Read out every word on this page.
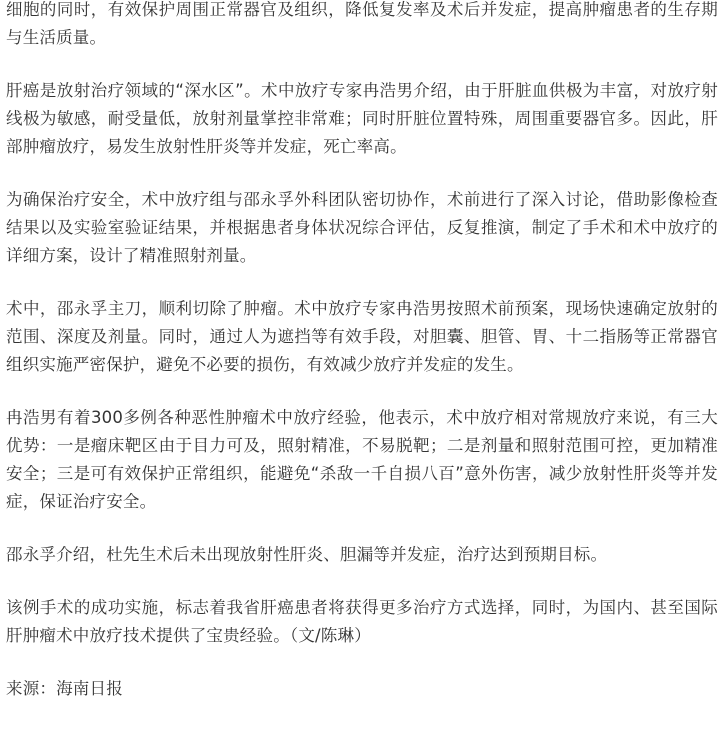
细胞的同时，有效保护周围正常器官及组织，降低复发率及术后并发症，提高肿瘤患者的生存期与生活质量。

肝癌是放射治疗领域的“深水区”。术中放疗专家冉浩男介绍，由于肝脏血供极为丰富，对放疗射线极为敏感，耐受量低，放射剂量掌控非常难；同时肝脏位置特殊，周围重要器官多。因此，肝部肿瘤放疗，易发生放射性肝炎等并发症，死亡率高。

为确保治疗安全，术中放疗组与邵永孚外科团队密切协作，术前进行了深入讨论，借助影像检查结果以及实验室验证结果，并根据患者身体状况综合评估，反复推演，制定了手术和术中放疗的详细方案，设计了精准照射剂量。

术中，邵永孚主刀，顺利切除了肿瘤。术中放疗专家冉浩男按照术前预案，现场快速确定放射的范围、深度及剂量。同时，通过人为遮挡等有效手段，对胆囊、胆管、胃、十二指肠等正常器官组织实施严密保护，避免不必要的损伤，有效减少放疗并发症的发生。

冉浩男有着300多例各种恶性肿瘤术中放疗经验，他表示，术中放疗相对常规放疗来说，有三大优势：一是瘤床靶区由于目力可及，照射精准，不易脱靶；二是剂量和照射范围可控，更加精准安全；三是可有效保护正常组织，能避免“杀敌一千自损八百”意外伤害，减少放射性肝炎等并发症，保证治疗安全。

邵永孚介绍，杜先生术后未出现放射性肝炎、胆漏等并发症，治疗达到预期目标。

该例手术的成功实施，标志着我省肝癌患者将获得更多治疗方式选择，同时，为国内、甚至国际肝肿瘤术中放疗技术提供了宝贵经验。（文/陈琳）

来源：海南日报
